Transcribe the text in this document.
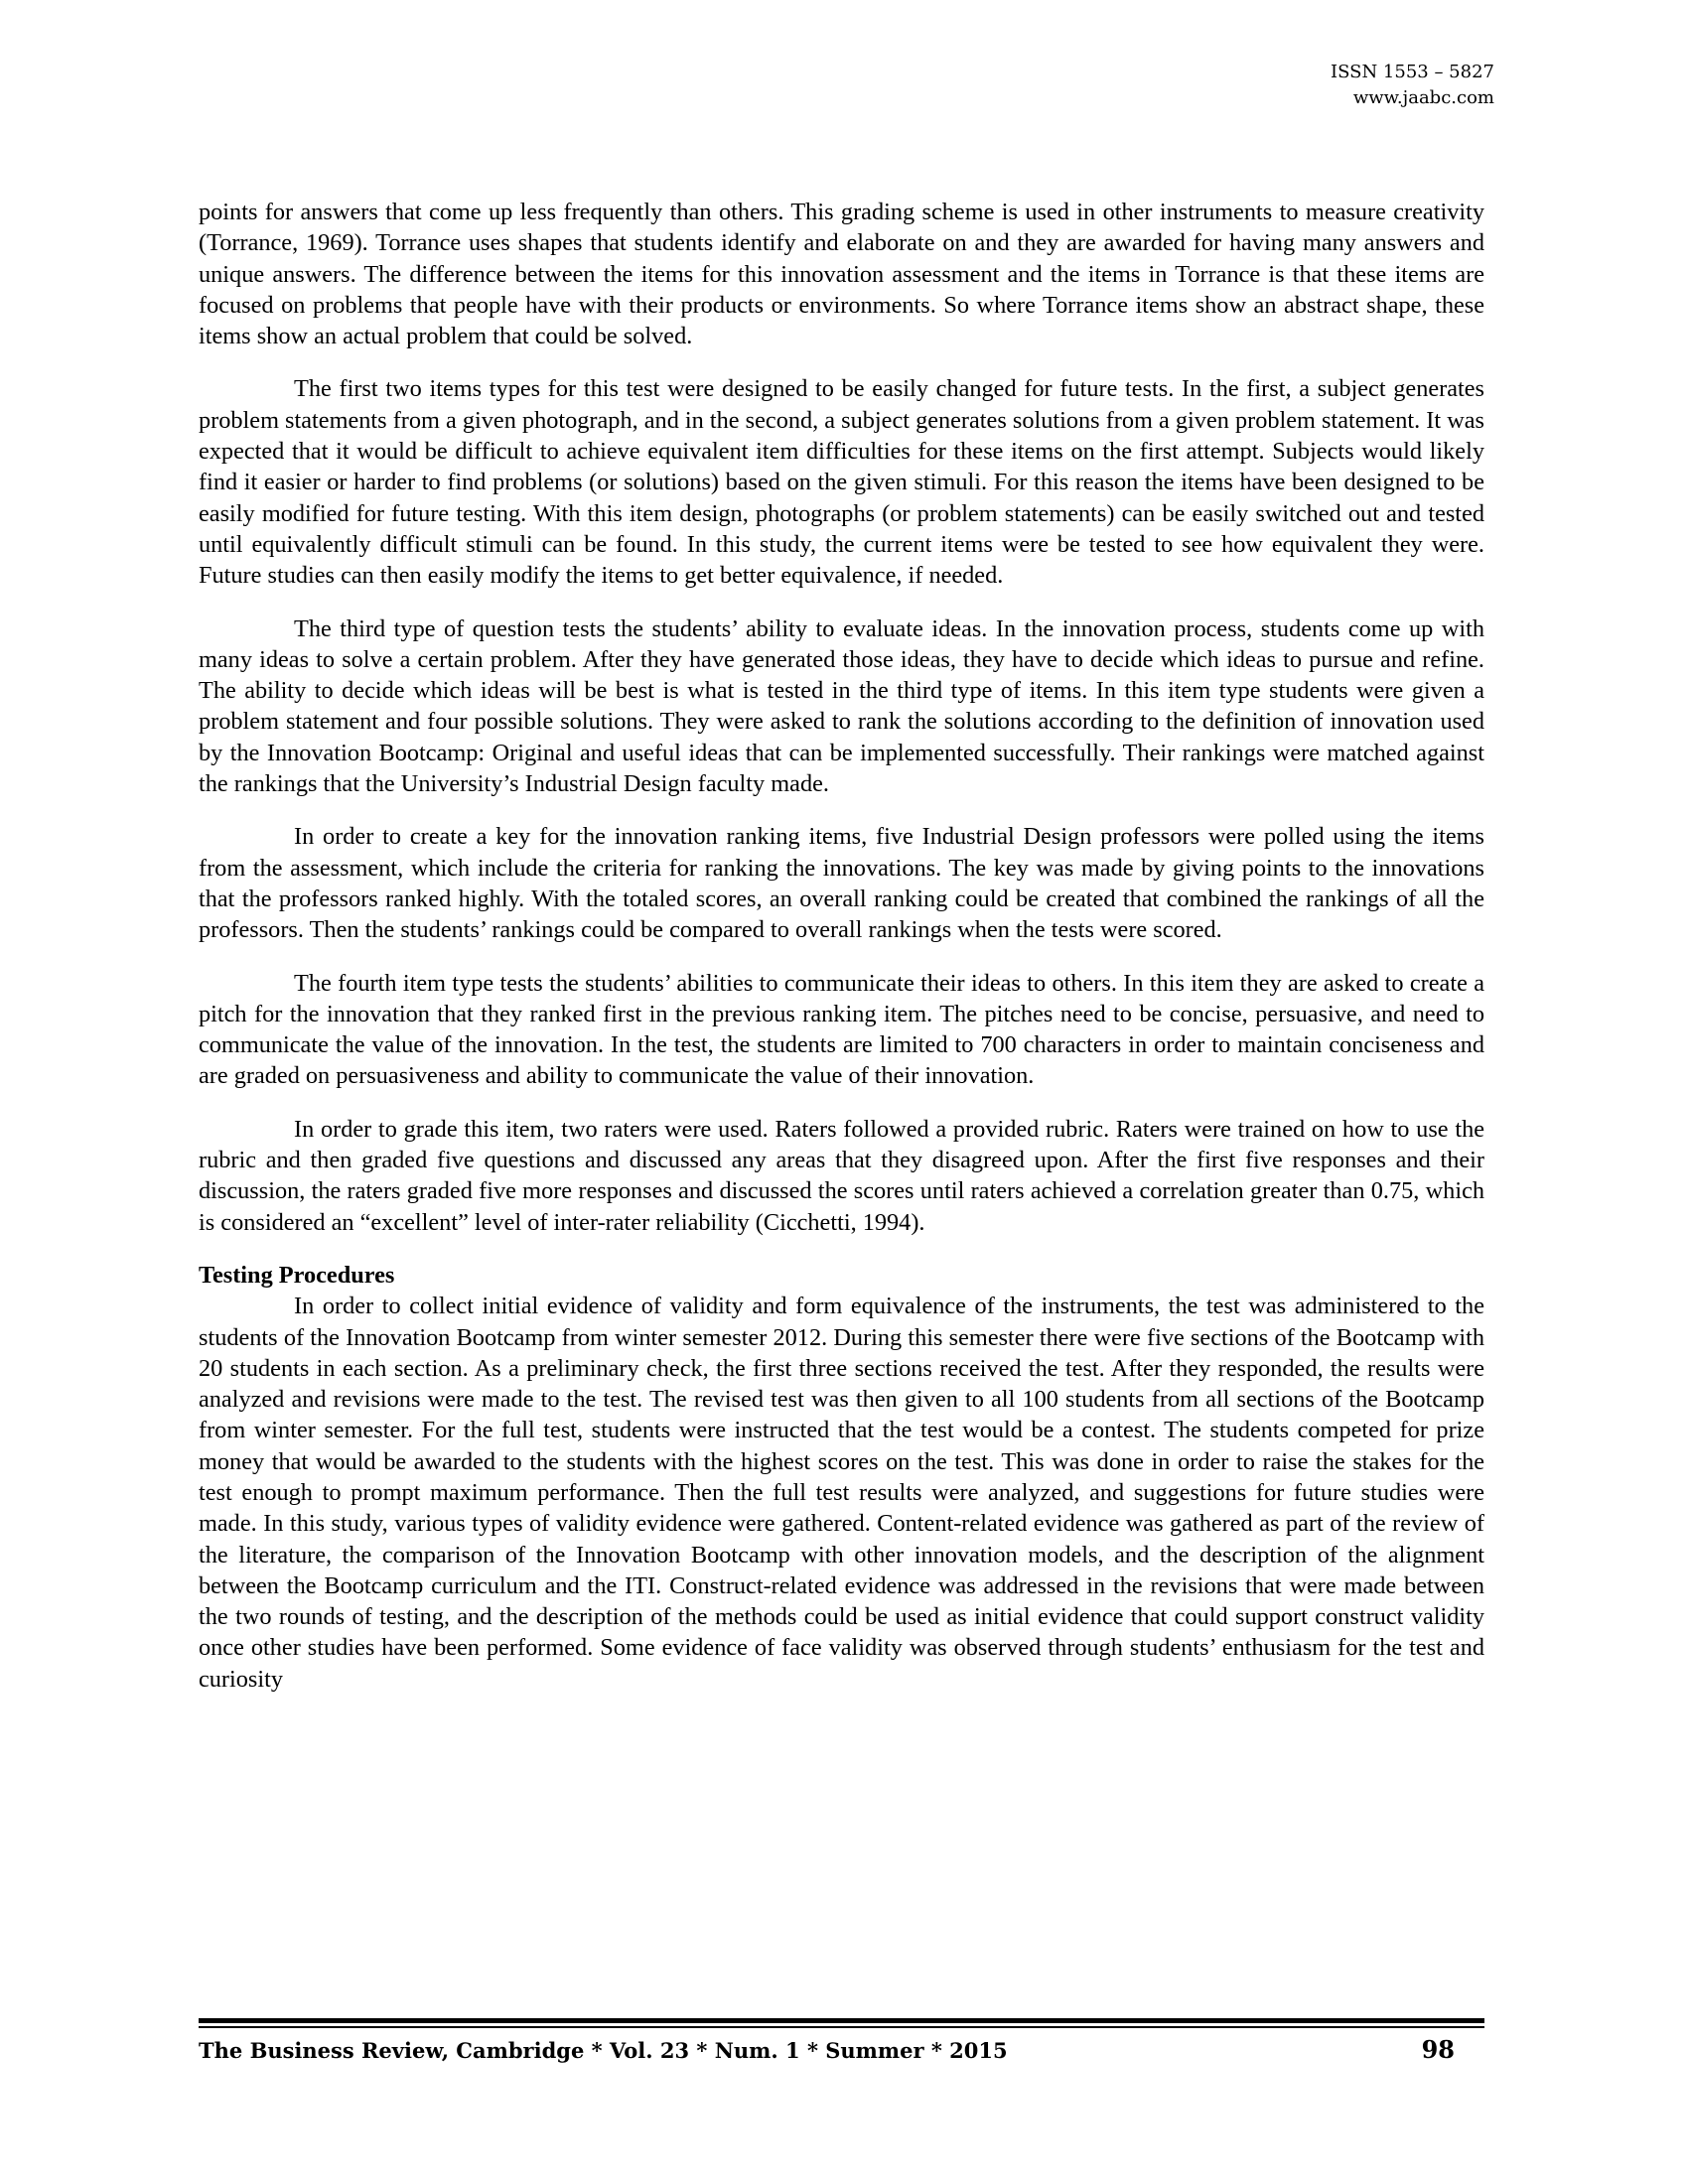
ISSN 1553 – 5827
www.jaabc.com

points for answers that come up less frequently than others. This grading scheme is used in other instruments to measure creativity (Torrance, 1969). Torrance uses shapes that students identify and elaborate on and they are awarded for having many answers and unique answers. The difference between the items for this innovation assessment and the items in Torrance is that these items are focused on problems that people have with their products or environments. So where Torrance items show an abstract shape, these items show an actual problem that could be solved.

The first two items types for this test were designed to be easily changed for future tests. In the first, a subject generates problem statements from a given photograph, and in the second, a subject generates solutions from a given problem statement. It was expected that it would be difficult to achieve equivalent item difficulties for these items on the first attempt. Subjects would likely find it easier or harder to find problems (or solutions) based on the given stimuli. For this reason the items have been designed to be easily modified for future testing. With this item design, photographs (or problem statements) can be easily switched out and tested until equivalently difficult stimuli can be found. In this study, the current items were be tested to see how equivalent they were. Future studies can then easily modify the items to get better equivalence, if needed.

The third type of question tests the students’ ability to evaluate ideas. In the innovation process, students come up with many ideas to solve a certain problem. After they have generated those ideas, they have to decide which ideas to pursue and refine. The ability to decide which ideas will be best is what is tested in the third type of items. In this item type students were given a problem statement and four possible solutions. They were asked to rank the solutions according to the definition of innovation used by the Innovation Bootcamp: Original and useful ideas that can be implemented successfully. Their rankings were matched against the rankings that the University’s Industrial Design faculty made.

In order to create a key for the innovation ranking items, five Industrial Design professors were polled using the items from the assessment, which include the criteria for ranking the innovations. The key was made by giving points to the innovations that the professors ranked highly. With the totaled scores, an overall ranking could be created that combined the rankings of all the professors. Then the students’ rankings could be compared to overall rankings when the tests were scored.

The fourth item type tests the students’ abilities to communicate their ideas to others. In this item they are asked to create a pitch for the innovation that they ranked first in the previous ranking item. The pitches need to be concise, persuasive, and need to communicate the value of the innovation. In the test, the students are limited to 700 characters in order to maintain conciseness and are graded on persuasiveness and ability to communicate the value of their innovation.

In order to grade this item, two raters were used. Raters followed a provided rubric. Raters were trained on how to use the rubric and then graded five questions and discussed any areas that they disagreed upon. After the first five responses and their discussion, the raters graded five more responses and discussed the scores until raters achieved a correlation greater than 0.75, which is considered an “excellent” level of inter-rater reliability (Cicchetti, 1994).

Testing Procedures

In order to collect initial evidence of validity and form equivalence of the instruments, the test was administered to the students of the Innovation Bootcamp from winter semester 2012. During this semester there were five sections of the Bootcamp with 20 students in each section. As a preliminary check, the first three sections received the test. After they responded, the results were analyzed and revisions were made to the test. The revised test was then given to all 100 students from all sections of the Bootcamp from winter semester. For the full test, students were instructed that the test would be a contest. The students competed for prize money that would be awarded to the students with the highest scores on the test. This was done in order to raise the stakes for the test enough to prompt maximum performance. Then the full test results were analyzed, and suggestions for future studies were made. In this study, various types of validity evidence were gathered. Content-related evidence was gathered as part of the review of the literature, the comparison of the Innovation Bootcamp with other innovation models, and the description of the alignment between the Bootcamp curriculum and the ITI. Construct-related evidence was addressed in the revisions that were made between the two rounds of testing, and the description of the methods could be used as initial evidence that could support construct validity once other studies have been performed. Some evidence of face validity was observed through students’ enthusiasm for the test and curiosity

The Business Review, Cambridge * Vol. 23 * Num. 1 * Summer * 2015	98
